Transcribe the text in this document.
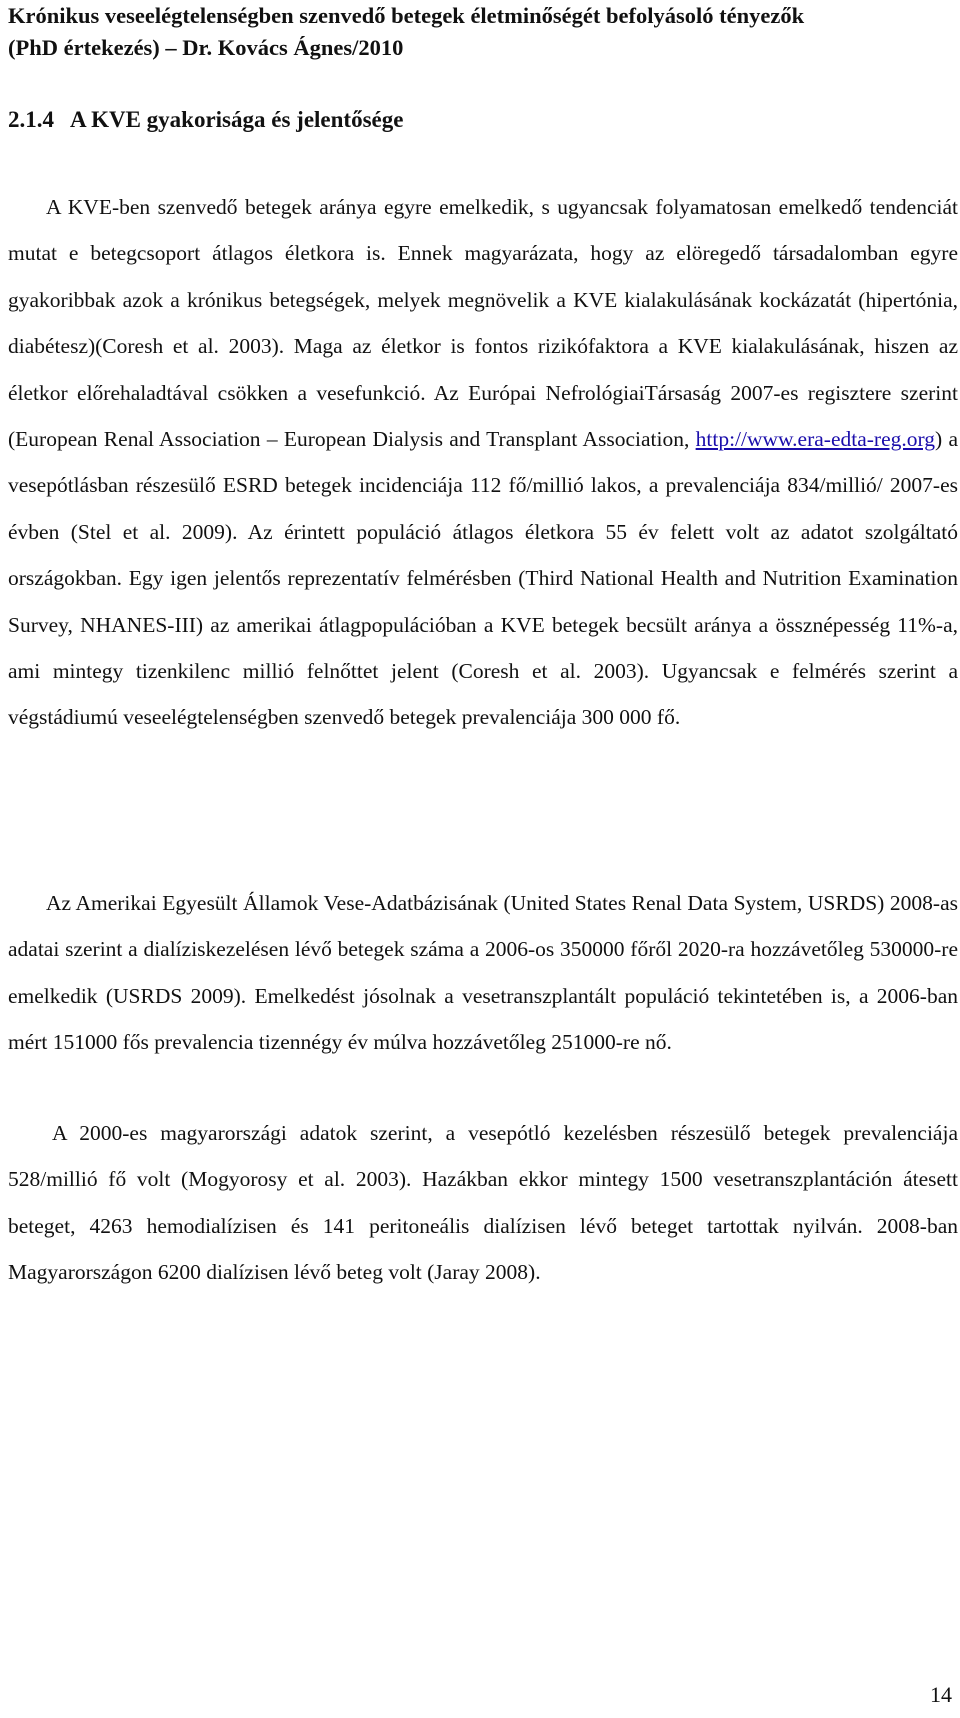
Krónikus veseelégtelenségben szenvedő betegek életminőségét befolyásoló tényezők
(PhD értekezés) – Dr. Kovács Ágnes/2010
2.1.4   A KVE gyakorisága és jelentősége
A KVE-ben szenvedő betegek aránya egyre emelkedik, s ugyancsak folyamatosan emelkedő tendenciát mutat e betegcsoport átlagos életkora is. Ennek magyarázata, hogy az elöregedő társadalomban egyre gyakoribbak azok a krónikus betegségek, melyek megnövelik a KVE kialakulásának kockázatát (hipertónia, diabétesz)(Coresh et al. 2003). Maga az életkor is fontos rizikófaktora a KVE kialakulásának, hiszen az életkor előrehaladtával csökken a vesefunkció. Az Európai NefrológiaiTársaság 2007-es regisztere szerint (European Renal Association – European Dialysis and Transplant Association, http://www.era-edta-reg.org) a vesepótlásban részesülő ESRD betegek incidenciája 112 fő/millió lakos, a prevalenciája 834/millió/ 2007-es évben (Stel et al. 2009). Az érintett populáció átlagos életkora 55 év felett volt az adatot szolgáltató országokban. Egy igen jelentős reprezentatív felmérésben (Third National Health and Nutrition Examination Survey, NHANES-III) az amerikai átlagpopulációban a KVE betegek becsült aránya a össznépesség 11%-a, ami mintegy tizenkilenc millió felnőttet jelent (Coresh et al. 2003). Ugyancsak e felmérés szerint a végstádiumú veseelégtelenségben szenvedő betegek prevalenciája 300 000 fő.
Az Amerikai Egyesült Államok Vese-Adatbázisának (United States Renal Data System, USRDS) 2008-as adatai szerint a dialíziskezelésen lévő betegek száma a 2006-os 350000 főről 2020-ra hozzávetőleg 530000-re emelkedik (USRDS 2009). Emelkedést jósolnak a vesetranszplantált populáció tekintetében is, a 2006-ban mért 151000 fős prevalencia tizennégy év múlva hozzávetőleg 251000-re nő.
A 2000-es magyarországi adatok szerint, a vesepótló kezelésben részesülő betegek prevalenciája 528/millió fő volt (Mogyorosy et al. 2003). Hazákban ekkor mintegy 1500 vesetranszplantáción átesett beteget, 4263 hemodialízisen és 141 peritoneális dialízisen lévő beteget tartottak nyilván. 2008-ban Magyarországon 6200 dialízisen lévő beteg volt (Jaray 2008).
14
